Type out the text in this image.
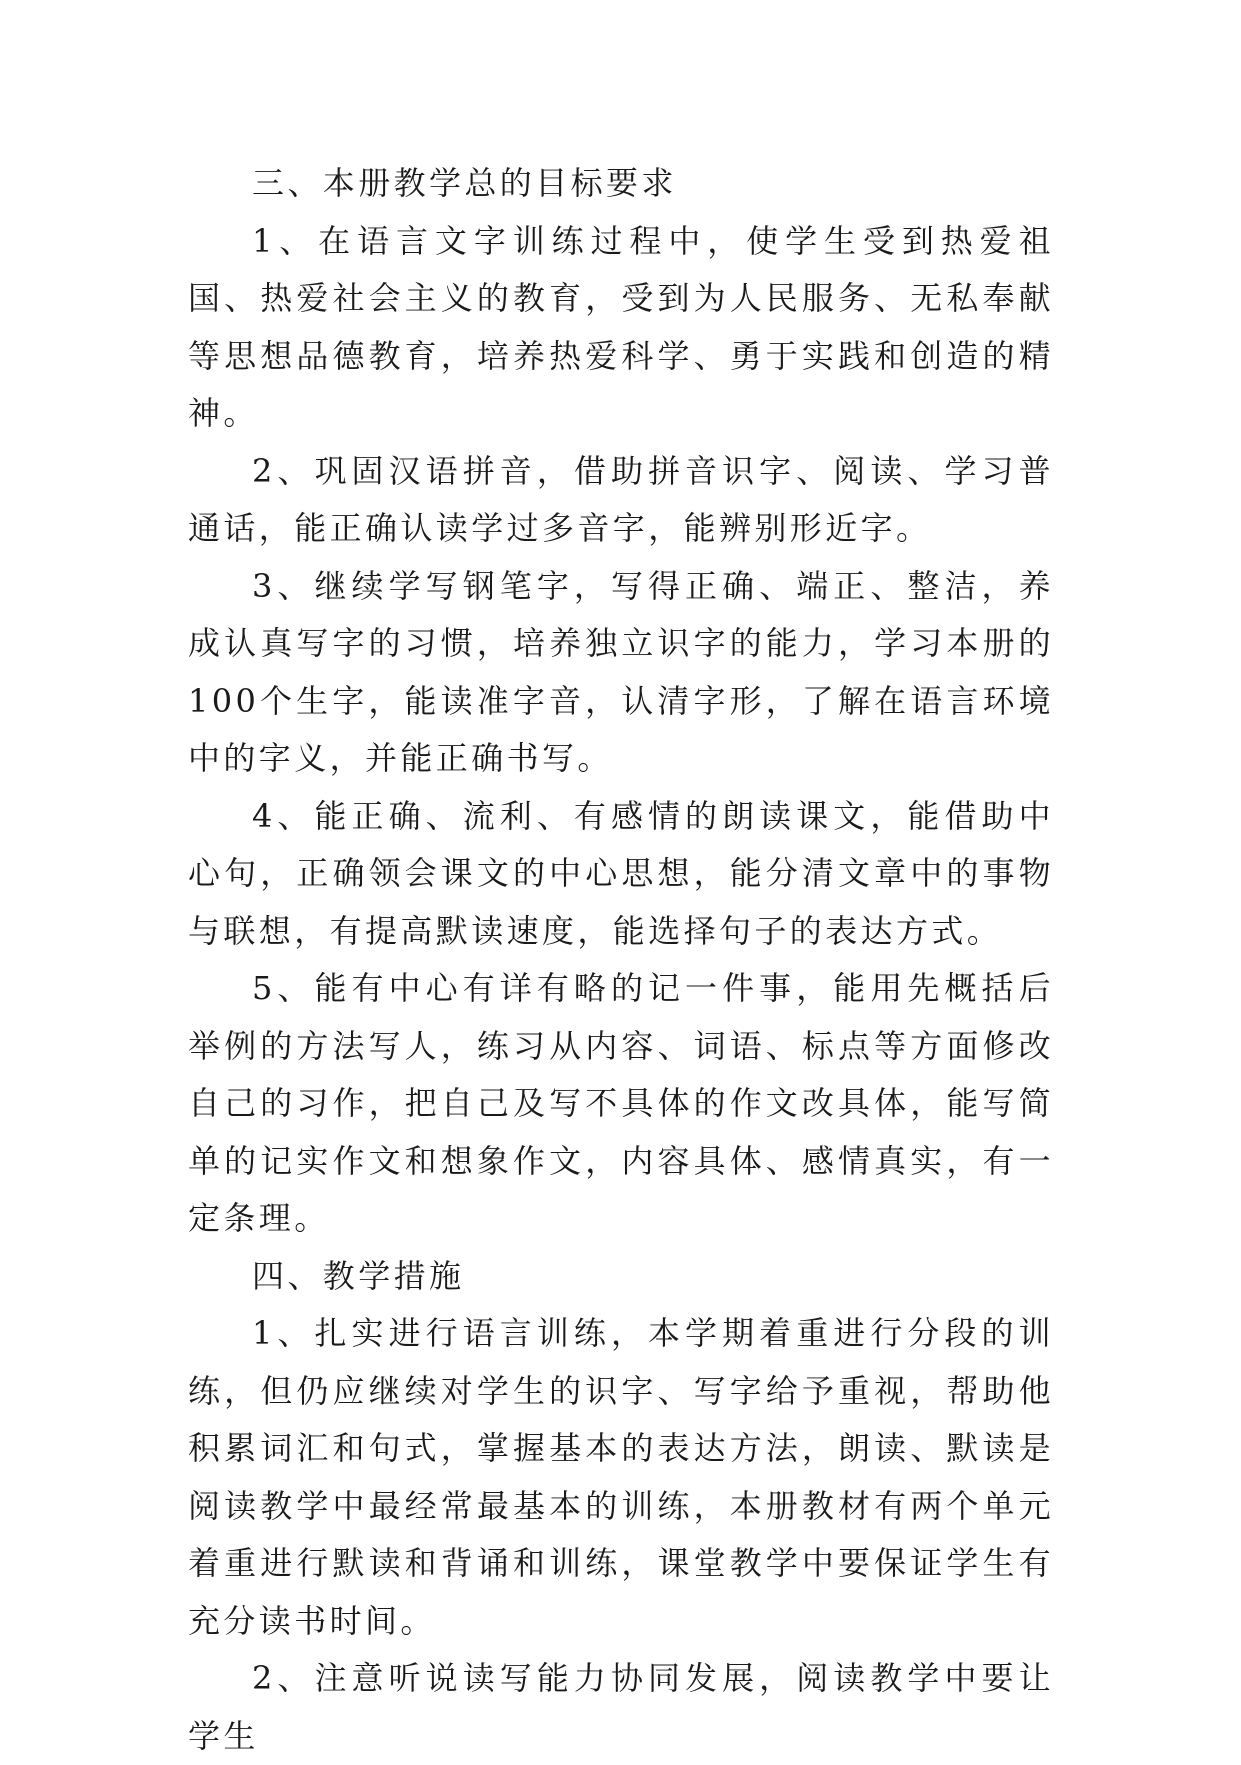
三、本册教学总的目标要求

1、在语言文字训练过程中，使学生受到热爱祖国、热爱社会主义的教育，受到为人民服务、无私奉献等思想品德教育，培养热爱科学、勇于实践和创造的精神。

2、巩固汉语拼音，借助拼音识字、阅读、学习普通话，能正确认读学过多音字，能辨别形近字。

3、继续学写钢笔字，写得正确、端正、整洁，养成认真写字的习惯，培养独立识字的能力，学习本册的100个生字，能读准字音，认清字形，了解在语言环境中的字义，并能正确书写。

4、能正确、流利、有感情的朗读课文，能借助中心句，正确领会课文的中心思想，能分清文章中的事物与联想，有提高默读速度，能选择句子的表达方式。

5、能有中心有详有略的记一件事，能用先概括后举例的方法写人，练习从内容、词语、标点等方面修改自己的习作，把自己及写不具体的作文改具体，能写简单的记实作文和想象作文，内容具体、感情真实，有一定条理。

四、教学措施

1、扎实进行语言训练，本学期着重进行分段的训练，但仍应继续对学生的识字、写字给予重视，帮助他积累词汇和句式，掌握基本的表达方法，朗读、默读是阅读教学中最经常最基本的训练，本册教材有两个单元着重进行默读和背诵和训练，课堂教学中要保证学生有充分读书时间。

2、注意听说读写能力协同发展，阅读教学中要让学生
